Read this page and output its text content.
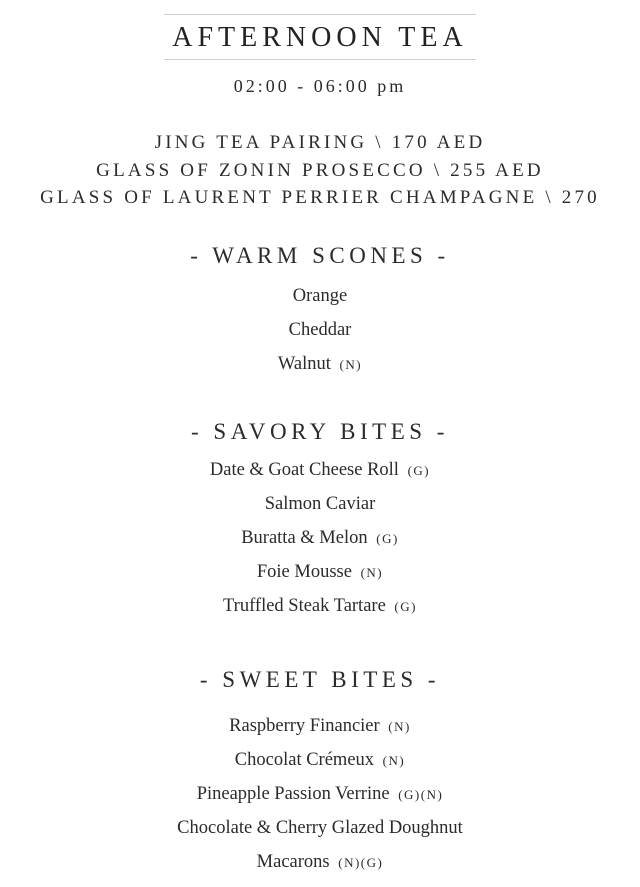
AFTERNOON TEA
02:00 - 06:00 pm
JING TEA PAIRING \ 170 AED
GLASS OF ZONIN PROSECCO \ 255 AED
GLASS OF LAURENT PERRIER CHAMPAGNE \ 270
- WARM SCONES -
Orange
Cheddar
Walnut (N)
- SAVORY BITES -
Date & Goat Cheese Roll (G)
Salmon Caviar
Buratta & Melon (G)
Foie Mousse (N)
Truffled Steak Tartare (G)
- SWEET BITES -
Raspberry Financier (N)
Chocolat Crémeux (N)
Pineapple Passion Verrine (G)(N)
Chocolate & Cherry Glazed Doughnut
Macarons (N)(G)
